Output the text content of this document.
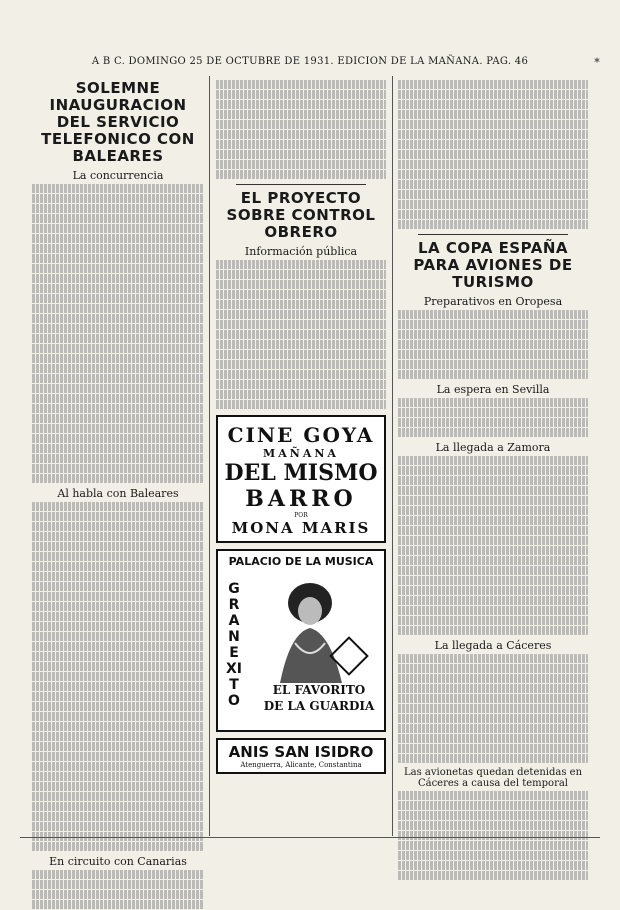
A B C. DOMINGO 25 DE OCTUBRE DE 1931. EDICION DE LA MAÑANA. PAG. 46	*
SOLEMNE INAUGURACION DEL SERVICIO TELEFONICO CON BALEARES
La concurrencia
Al habla con Baleares
En circuito con Canarias
EL PROYECTO SOBRE CONTROL OBRERO
Información pública
CINE GOYA
MAÑANA
DEL MISMO
BARRO
POR
MONA MARIS
PALACIO DE LA MUSICA
GRAN EXITO
EL FAVORITO
DE LA GUARDIA
ANIS SAN ISIDRO
Atenguerra, Alicante, Constantina
LA COPA ESPAÑA PARA AVIONES DE TURISMO
Preparativos en Oropesa
La espera en Sevilla
La llegada a Zamora
La llegada a Cáceres
Las avionetas quedan detenidas en Cáceres a causa del temporal
